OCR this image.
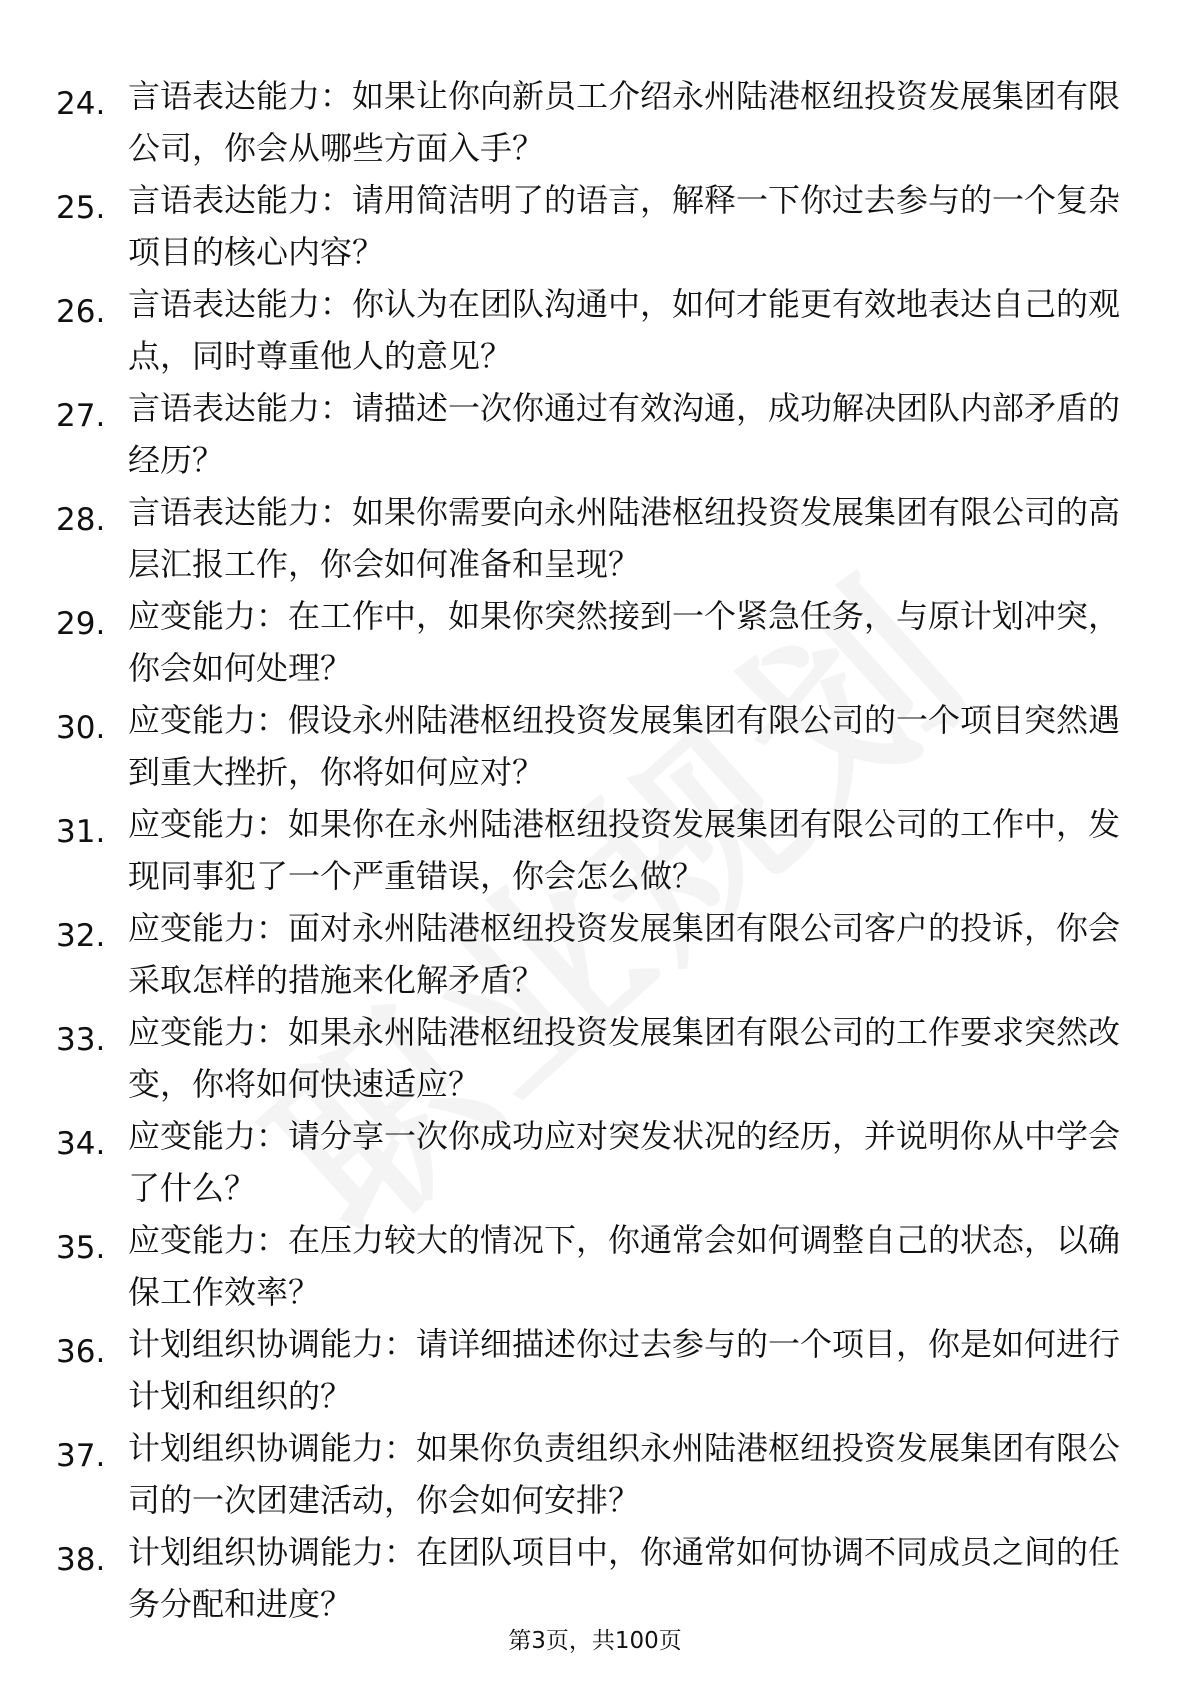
24. 言语表达能力：如果让你向新员工介绍永州陆港枢纽投资发展集团有限公司，你会从哪些方面入手？
25. 言语表达能力：请用简洁明了的语言，解释一下你过去参与的一个复杂项目的核心内容？
26. 言语表达能力：你认为在团队沟通中，如何才能更有效地表达自己的观点，同时尊重他人的意见？
27. 言语表达能力：请描述一次你通过有效沟通，成功解决团队内部矛盾的经历？
28. 言语表达能力：如果你需要向永州陆港枢纽投资发展集团有限公司的高层汇报工作，你会如何准备和呈现？
29. 应变能力：在工作中，如果你突然接到一个紧急任务，与原计划冲突，你会如何处理？
30. 应变能力：假设永州陆港枢纽投资发展集团有限公司的一个项目突然遇到重大挫折，你将如何应对？
31. 应变能力：如果你在永州陆港枢纽投资发展集团有限公司的工作中，发现同事犯了一个严重错误，你会怎么做？
32. 应变能力：面对永州陆港枢纽投资发展集团有限公司客户的投诉，你会采取怎样的措施来化解矛盾？
33. 应变能力：如果永州陆港枢纽投资发展集团有限公司的工作要求突然改变，你将如何快速适应？
34. 应变能力：请分享一次你成功应对突发状况的经历，并说明你从中学会了什么？
35. 应变能力：在压力较大的情况下，你通常会如何调整自己的状态，以确保工作效率？
36. 计划组织协调能力：请详细描述你过去参与的一个项目，你是如何进行计划和组织的？
37. 计划组织协调能力：如果你负责组织永州陆港枢纽投资发展集团有限公司的一次团建活动，你会如何安排？
38. 计划组织协调能力：在团队项目中，你通常如何协调不同成员之间的任务分配和进度？
第3页，共100页
